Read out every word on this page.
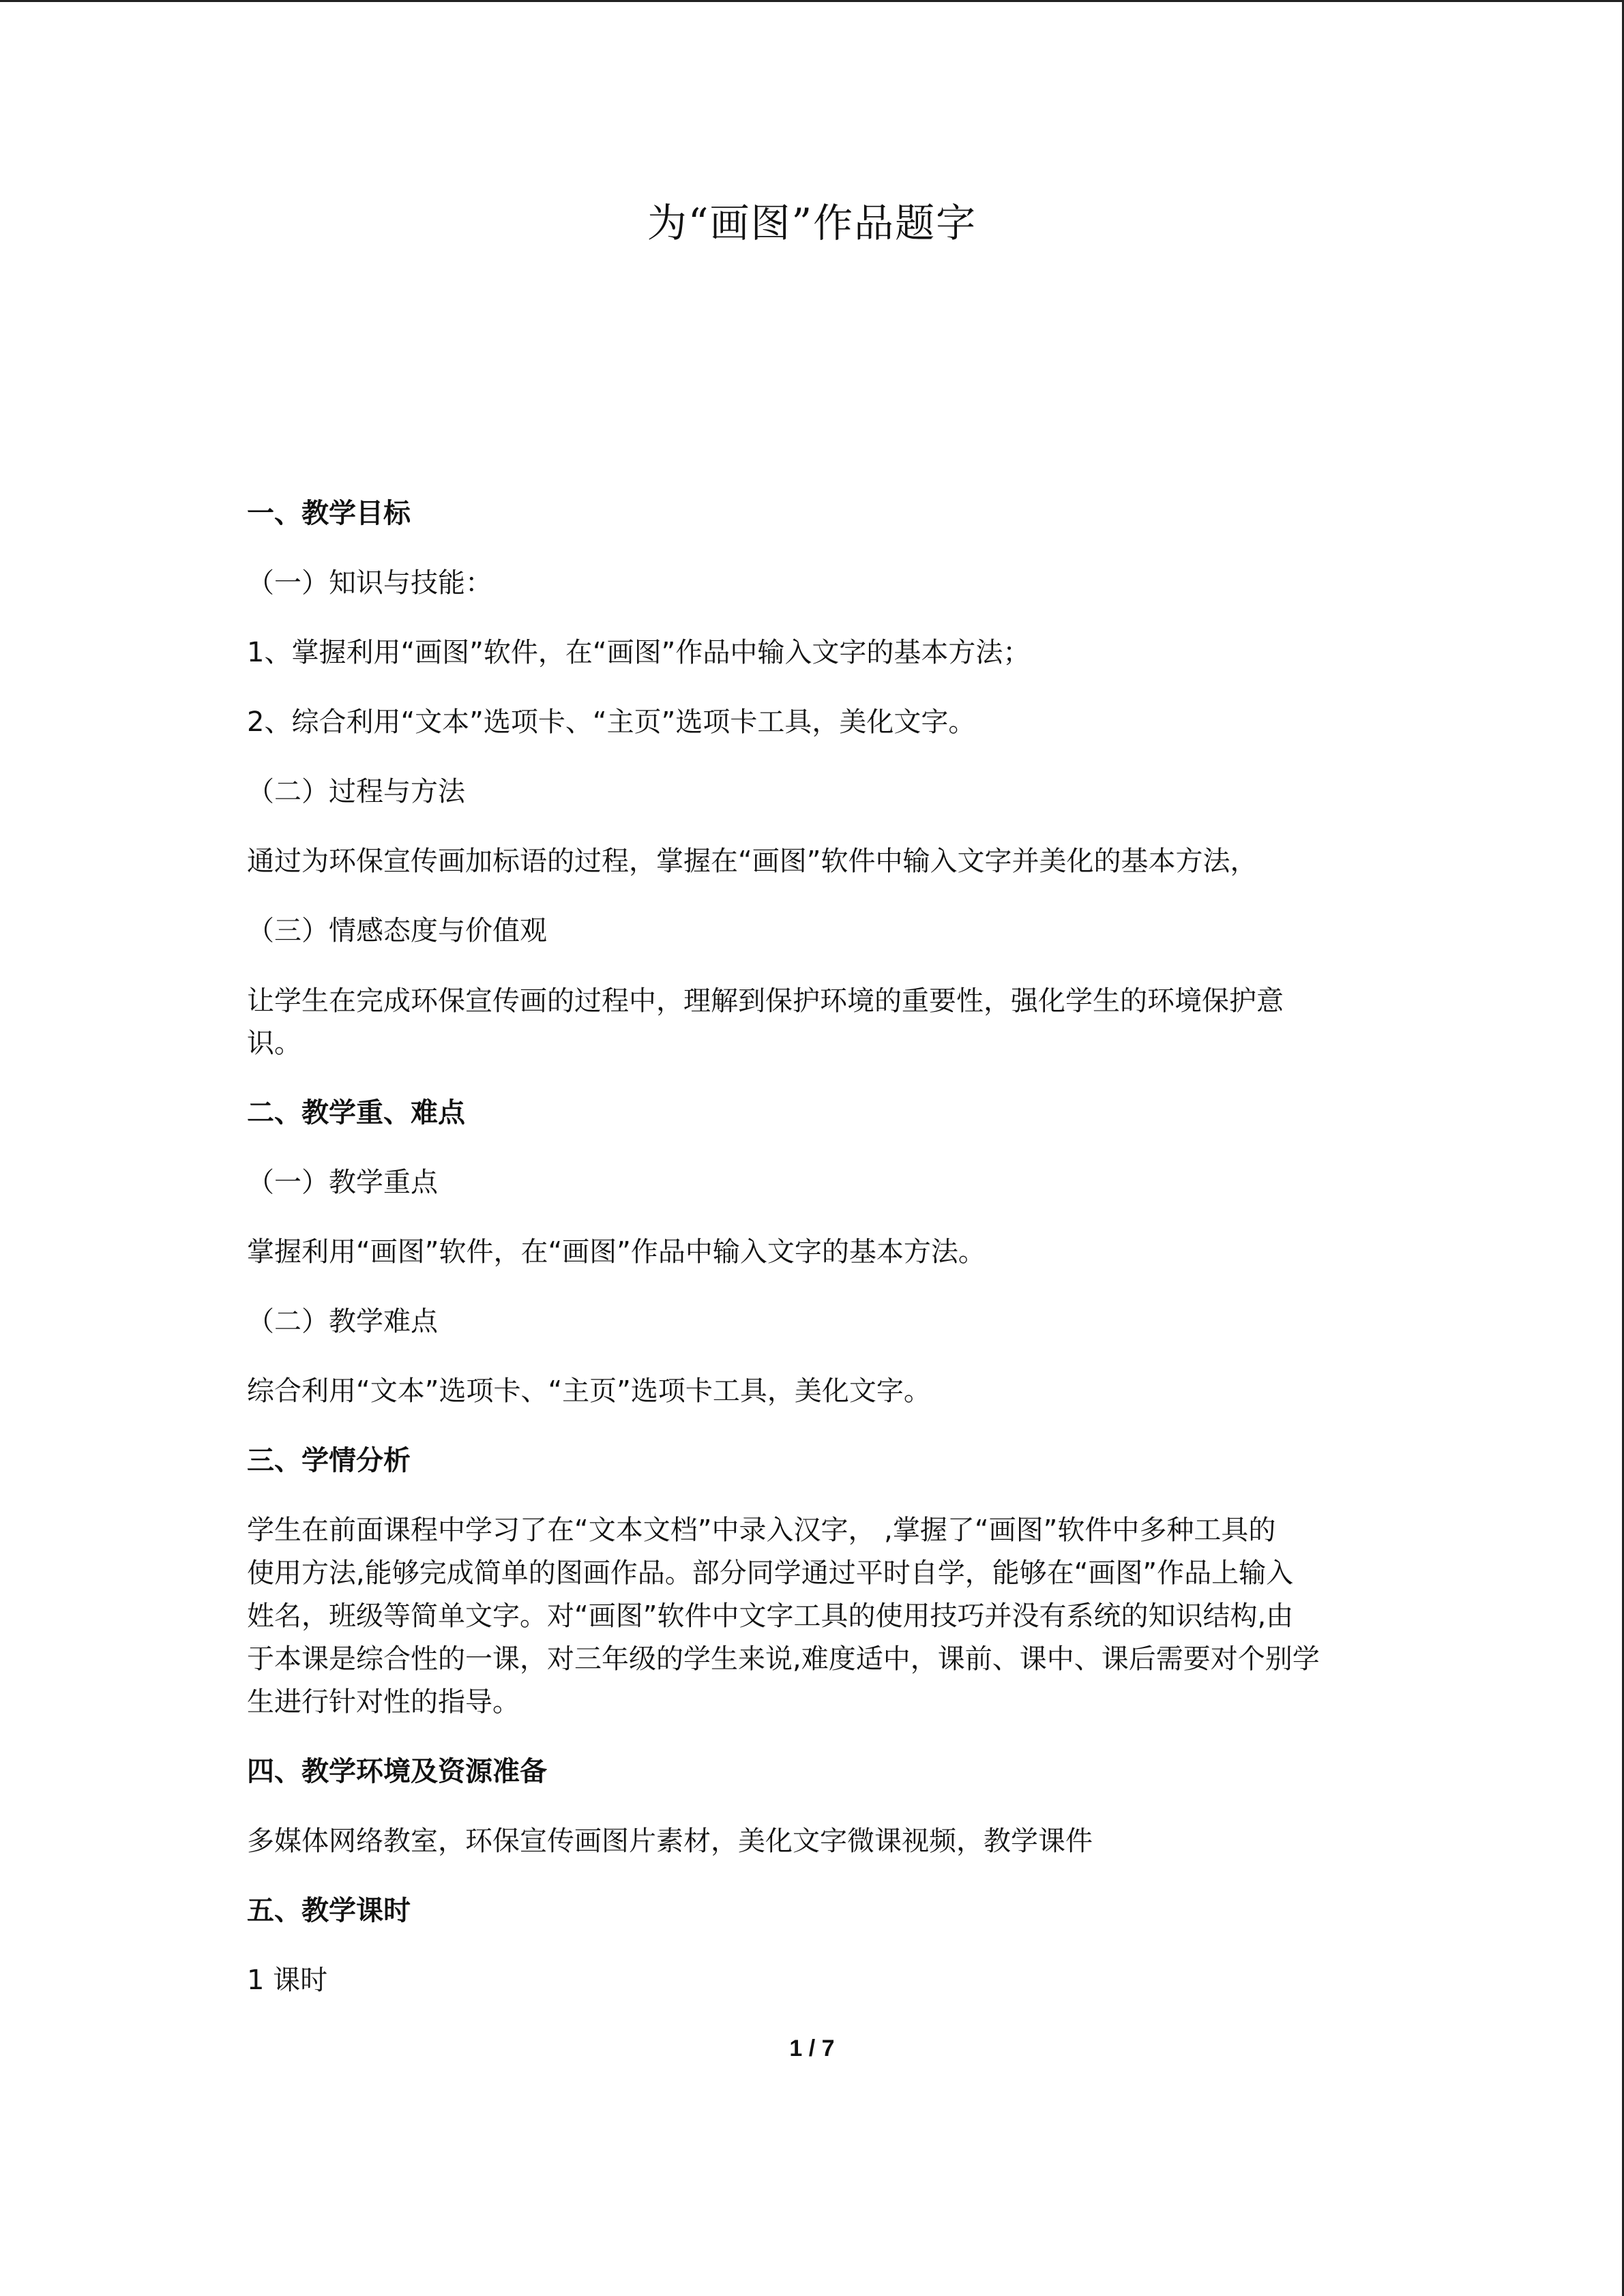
为“画图”作品题字
一、教学目标
（一）知识与技能：
1、掌握利用“画图”软件，在“画图”作品中输入文字的基本方法；
2、综合利用“文本”选项卡、“主页”选项卡工具，美化文字。
（二）过程与方法
通过为环保宣传画加标语的过程，掌握在“画图”软件中输入文字并美化的基本方法，
（三）情感态度与价值观
让学生在完成环保宣传画的过程中，理解到保护环境的重要性，强化学生的环境保护意
识。
二、教学重、难点
（一）教学重点
掌握利用“画图”软件，在“画图”作品中输入文字的基本方法。
（二）教学难点
综合利用“文本”选项卡、“主页”选项卡工具，美化文字。
三、学情分析
学生在前面课程中学习了在“文本文档”中录入汉字， ,掌握了“画图”软件中多种工具的
使用方法,能够完成简单的图画作品。部分同学通过平时自学，能够在“画图”作品上输入
姓名，班级等简单文字。对“画图”软件中文字工具的使用技巧并没有系统的知识结构,由
于本课是综合性的一课，对三年级的学生来说,难度适中，课前、课中、课后需要对个别学
生进行针对性的指导。
四、教学环境及资源准备
多媒体网络教室，环保宣传画图片素材，美化文字微课视频，教学课件
五、教学课时
1 课时
1 / 7
